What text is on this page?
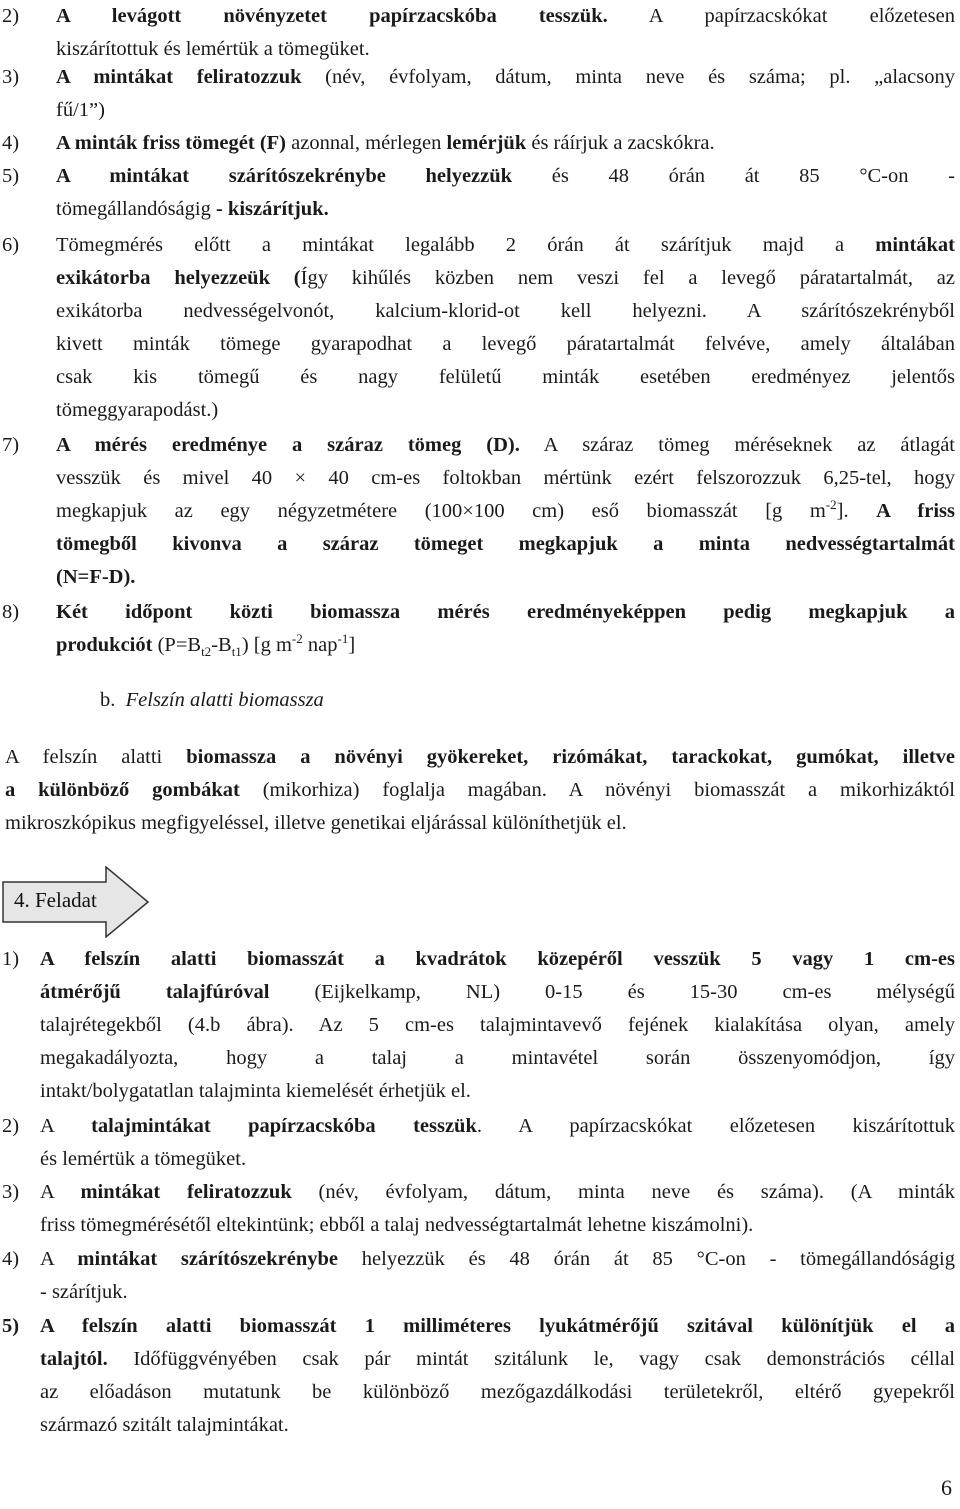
2) A levágott növényzetet papírzacskóba tesszük. A papírzacskókat előzetesen
kiszárítottuk és lemértük a tömegüket.
3) A mintákat feliratozzuk (név, évfolyam, dátum, minta neve és száma; pl. „alacsony
fű/1”)
4) A minták friss tömegét (F) azonnal, mérlegen lemérjük és ráírjuk a zacskókra.
5) A mintákat szárítószekrénybe helyezzük és 48 órán át 85 °C-on -
tömegállandóságig - kiszárítjuk.
6) Tömegmérés előtt a mintákat legalább 2 órán át szárítjuk majd a mintákat
exikátorba helyezzeük (Így kihűlés közben nem veszi fel a levegő páratartalmát, az
exikátorba nedvességelvonót, kalcium-klorid-ot kell helyezni. A szárítószekrényből
kivett minták tömege gyarapodhat a levegő páratartalmát felvéve, amely általában
csak kis tömegű és nagy felületű minták esetében eredményez jelentős
tömeggyarapodást.)
7) A mérés eredménye a száraz tömeg (D). A száraz tömeg méréseknek az átlagát
vesszük és mivel 40 × 40 cm-es foltokban mértünk ezért felszorozzuk 6,25-tel, hogy
megkapjuk az egy négyzetmétere (100×100 cm) eső biomasszát [g $m^{-2}$]. A friss
tömegből kivonva a száraz tömeget megkapjuk a minta nedvességtartalmát
(N=F-D).
8) Két időpont közti biomassza mérés eredményeképpen pedig megkapjuk a
produkciót $(P=B_{t2}-B_{t1})$ [g $m^{-2}$ nap$^{-1}$]
b. Felszín alatti biomassza
A felszín alatti biomassza a növényi gyökereket, rizómákat, tarackokat, gumókat, illetve
a különböző gombákat (mikorhiza) foglalja magában. A növényi biomasszát a mikorhizáktól
mikroszkópikus megfigyeléssel, illetve genetikai eljárással különíthetjük el.
4. Feladat
1) A felszín alatti biomasszát a kvadrátok közepéről vesszük 5 vagy 1 cm-es
átmérőjű talajfúróval (Eijkelkamp, NL) 0-15 és 15-30 cm-es mélységű
talajrétegekből (4.b ábra). Az 5 cm-es talajmintavevő fejének kialakítása olyan, amely
megakadályozta, hogy a talaj a mintavétel során összenyomódjon, így
intakt/bolygatatlan talajminta kiemelését érhetjük el.
2) A talajmintákat papírzacskóba tesszük. A papírzacskókat előzetesen kiszárítottuk
és lemértük a tömegüket.
3) A mintákat feliratozzuk (név, évfolyam, dátum, minta neve és száma). (A minták
friss tömegmérésétől eltekintünk; ebből a talaj nedvességtartalmát lehetne kiszámolni).
4) A mintákat szárítószekrénybe helyezzük és 48 órán át 85 °C-on - tömegállandóságig
- szárítjuk.
5) A felszín alatti biomasszát 1 milliméteres lyukátmérőjű szitával különítjük el a
talajtól. Időfüggvényében csak pár mintát szitálunk le, vagy csak demonstrációs céllal
az előadáson mutatunk be különböző mezőgazdálkodási területekről, eltérő gyepekről
származó szitált talajmintákat.
6
